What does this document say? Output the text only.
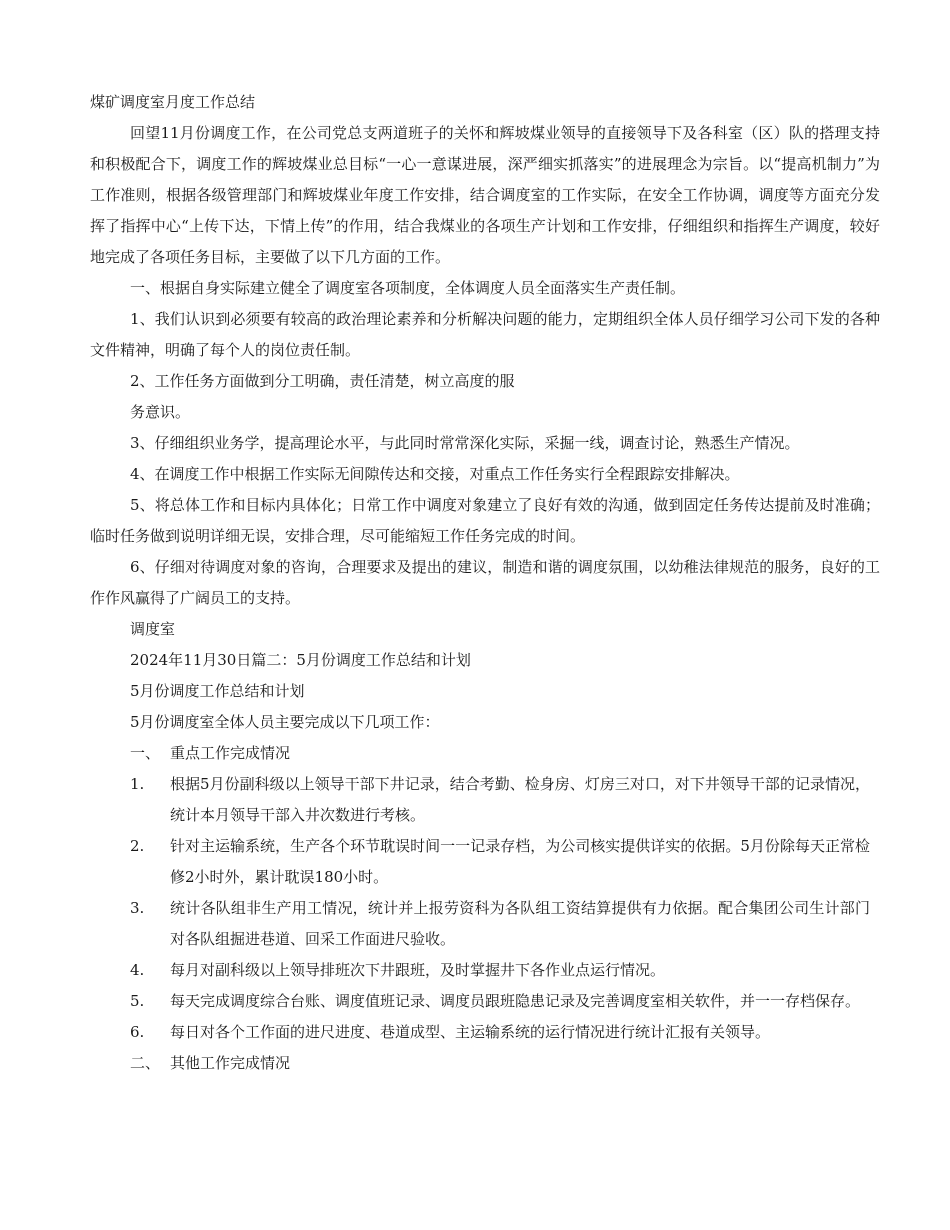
煤矿调度室月度工作总结
回望11月份调度工作，在公司党总支两道班子的关怀和辉坡煤业领导的直接领导下及各科室（区）队的搭理支持和积极配合下，调度工作的辉坡煤业总目标“一心一意谋进展，深严细实抓落实”的进展理念为宗旨。以“提高机制力”为工作准则，根据各级管理部门和辉坡煤业年度工作安排，结合调度室的工作实际，在安全工作协调，调度等方面充分发挥了指挥中心“上传下达，下情上传”的作用，结合我煤业的各项生产计划和工作安排，仔细组织和指挥生产调度，较好地完成了各项任务目标，主要做了以下几方面的工作。
一、根据自身实际建立健全了调度室各项制度，全体调度人员全面落实生产责任制。
1、我们认识到必须要有较高的政治理论素养和分析解决问题的能力，定期组织全体人员仔细学习公司下发的各种文件精神，明确了每个人的岗位责任制。
2、工作任务方面做到分工明确，责任清楚，树立高度的服
务意识。
3、仔细组织业务学，提高理论水平，与此同时常常深化实际，采掘一线，调查讨论，熟悉生产情况。
4、在调度工作中根据工作实际无间隙传达和交接，对重点工作任务实行全程跟踪安排解决。
5、将总体工作和目标内具体化；日常工作中调度对象建立了良好有效的沟通，做到固定任务传达提前及时准确；临时任务做到说明详细无误，安排合理，尽可能缩短工作任务完成的时间。
6、仔细对待调度对象的咨询，合理要求及提出的建议，制造和谐的调度氛围，以幼稚法律规范的服务，良好的工作作风赢得了广阔员工的支持。
调度室
2024年11月30日篇二：5月份调度工作总结和计划
5月份调度工作总结和计划
5月份调度室全体人员主要完成以下几项工作：
一、 重点工作完成情况
1. 根据5月份副科级以上领导干部下井记录，结合考勤、检身房、灯房三对口，对下井领导干部的记录情况，统计本月领导干部入井次数进行考核。
2. 针对主运输系统，生产各个环节耽误时间一一记录存档，为公司核实提供详实的依据。5月份除每天正常检修2小时外，累计耽误180小时。
3. 统计各队组非生产用工情况，统计并上报劳资科为各队组工资结算提供有力依据。配合集团公司生计部门对各队组掘进巷道、回采工作面进尺验收。
4. 每月对副科级以上领导排班次下井跟班，及时掌握井下各作业点运行情况。
5. 每天完成调度综合台账、调度值班记录、调度员跟班隐患记录及完善调度室相关软件，并一一存档保存。
6. 每日对各个工作面的进尺进度、巷道成型、主运输系统的运行情况进行统计汇报有关领导。
二、 其他工作完成情况
